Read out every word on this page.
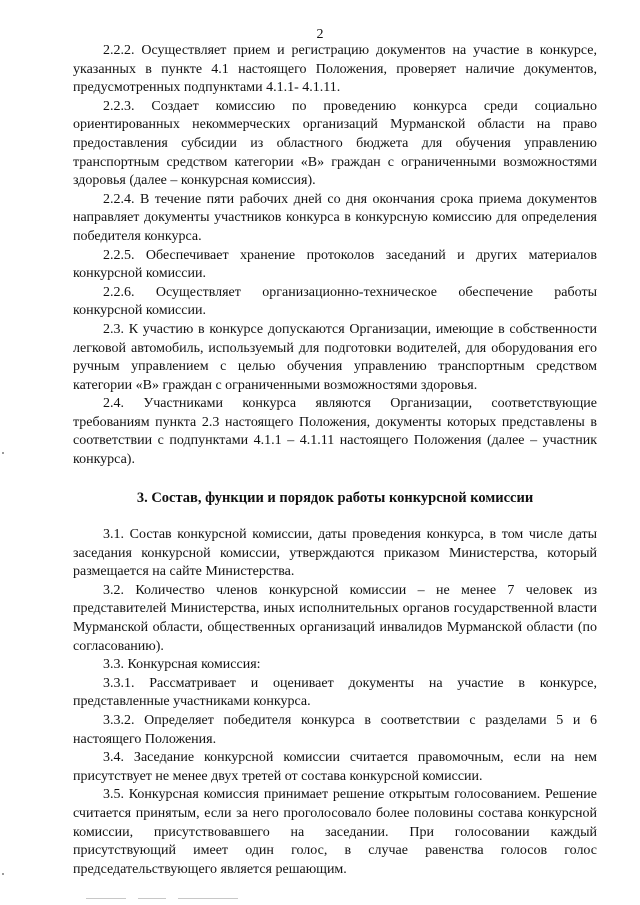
2

2.2.2. Осуществляет прием и регистрацию документов на участие в конкурсе, указанных в пункте 4.1 настоящего Положения, проверяет наличие документов, предусмотренных подпунктами 4.1.1- 4.1.11.

2.2.3. Создает комиссию по проведению конкурса среди социально ориентированных некоммерческих организаций Мурманской области на право предоставления субсидии из областного бюджета для обучения управлению транспортным средством категории «В» граждан с ограниченными возможностями здоровья (далее – конкурсная комиссия).

2.2.4. В течение пяти рабочих дней со дня окончания срока приема документов направляет документы участников конкурса в конкурсную комиссию для определения победителя конкурса.

2.2.5. Обеспечивает хранение протоколов заседаний и других материалов конкурсной комиссии.

2.2.6. Осуществляет организационно-техническое обеспечение работы конкурсной комиссии.

2.3. К участию в конкурсе допускаются Организации, имеющие в собственности легковой автомобиль, используемый для подготовки водителей, для оборудования его ручным управлением с целью обучения управлению транспортным средством категории «В» граждан с ограниченными возможностями здоровья.

2.4. Участниками конкурса являются Организации, соответствующие требованиям пункта 2.3 настоящего Положения, документы которых представлены в соответствии с подпунктами 4.1.1 – 4.1.11 настоящего Положения (далее – участник конкурса).

3. Состав, функции и порядок работы конкурсной комиссии

3.1. Состав конкурсной комиссии, даты проведения конкурса, в том числе даты заседания конкурсной комиссии, утверждаются приказом Министерства, который размещается на сайте Министерства.

3.2. Количество членов конкурсной комиссии – не менее 7 человек из представителей Министерства, иных исполнительных органов государственной власти Мурманской области, общественных организаций инвалидов Мурманской области (по согласованию).

3.3. Конкурсная комиссия:

3.3.1. Рассматривает и оценивает документы на участие в конкурсе, представленные участниками конкурса.

3.3.2. Определяет победителя конкурса в соответствии с разделами 5 и 6 настоящего Положения.

3.4. Заседание конкурсной комиссии считается правомочным, если на нем присутствует не менее двух третей от состава конкурсной комиссии.

3.5. Конкурсная комиссия принимает решение открытым голосованием. Решение считается принятым, если за него проголосовало более половины состава конкурсной комиссии, присутствовавшего на заседании. При голосовании каждый присутствующий имеет один голос, в случае равенства голосов голос председательствующего является решающим.
